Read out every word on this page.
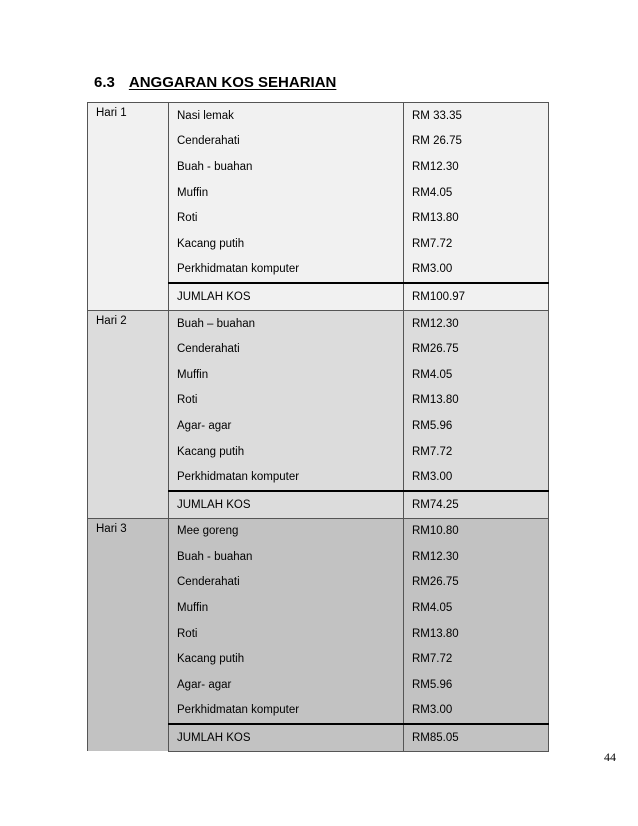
6.3 ANGGARAN KOS SEHARIAN
Hari 1	Nasi lemak	RM 33.35
	Cenderahati	RM 26.75
	Buah - buahan	RM12.30
	Muffin	RM4.05
	Roti	RM13.80
	Kacang putih	RM7.72
	Perkhidmatan komputer	RM3.00
	JUMLAH KOS	RM100.97
Hari 2	Buah – buahan	RM12.30
	Cenderahati	RM26.75
	Muffin	RM4.05
	Roti	RM13.80
	Agar- agar	RM5.96
	Kacang putih	RM7.72
	Perkhidmatan komputer	RM3.00
	JUMLAH KOS	RM74.25
Hari 3	Mee goreng	RM10.80
	Buah - buahan	RM12.30
	Cenderahati	RM26.75
	Muffin	RM4.05
	Roti	RM13.80
	Kacang putih	RM7.72
	Agar- agar	RM5.96
	Perkhidmatan komputer	RM3.00
	JUMLAH KOS	RM85.05
44
